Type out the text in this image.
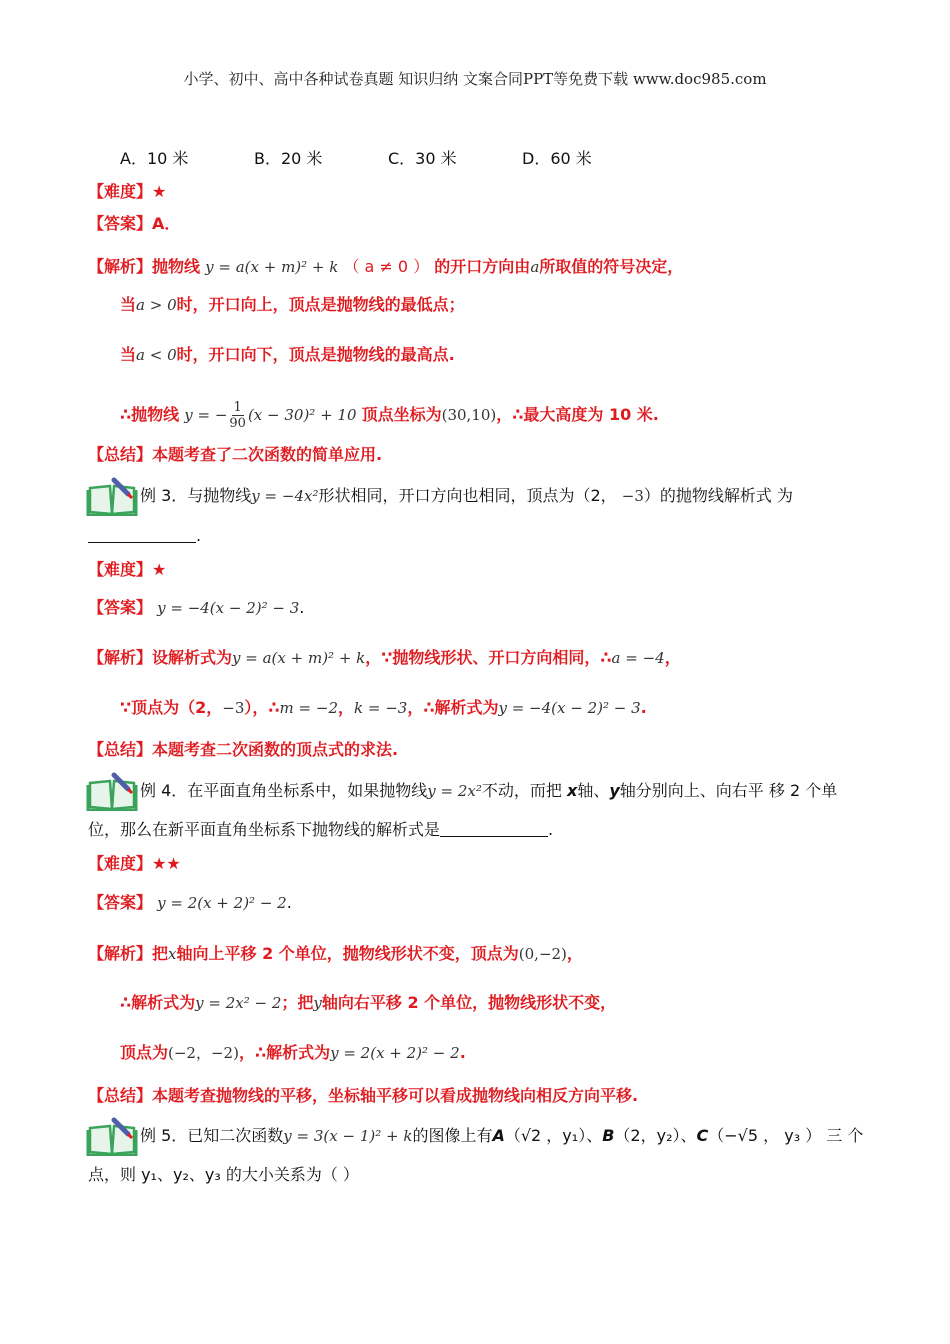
小学、初中、高中各种试卷真题 知识归纳 文案合同PPT等免费下载 www.doc985.com
A．10 米	B．20 米	C．30 米	D．60 米
【难度】★
【答案】A．
【解析】抛物线 y = a(x + m)² + k （ a ≠ 0 ） 的开口方向由a所取值的符号决定，
当a > 0时，开口向上，顶点是抛物线的最低点；
当a < 0时，开口向下，顶点是抛物线的最高点.
∴抛物线 y = − $\frac{1}{90} (x - 30)^2 + 10$ 顶点坐标为(30,10)，∴最大高度为 10 米.
【总结】本题考查了二次函数的简单应用.
例 3．与抛物线y = −4x²形状相同，开口方向也相同，顶点为（2， −3）的抛物线解析式 为
.
【难度】★
【答案】 y = −4(x − 2)² − 3.
【解析】设解析式为y = a(x + m)² + k，∵抛物线形状、开口方向相同，∴a = −4，
∵顶点为（2，−3），∴m = −2，k = −3，∴解析式为y = −4(x − 2)² − 3.
【总结】本题考查二次函数的顶点式的求法.
例 4．在平面直角坐标系中，如果抛物线y = 2x²不动，而把 x轴、y轴分别向上、向右平 移 2 个单
位，那么在新平面直角坐标系下抛物线的解析式是	.
【难度】★★
【答案】 y = 2(x + 2)² − 2.
【解析】把x轴向上平移 2 个单位，抛物线形状不变，顶点为(0,−2)，
∴解析式为y = 2x² − 2；把y轴向右平移 2 个单位，抛物线形状不变，
顶点为(−2，−2)，∴解析式为y = 2(x + 2)² − 2.
【总结】本题考查抛物线的平移，坐标轴平移可以看成抛物线向相反方向平移.
例 5．已知二次函数y = 3(x − 1)² + k的图像上有A（√2 ，y₁）、B（2，y₂）、C（−√5 ， y₃ ） 三 个
点，则 y₁、y₂、y₃ 的大小关系为（ ）
